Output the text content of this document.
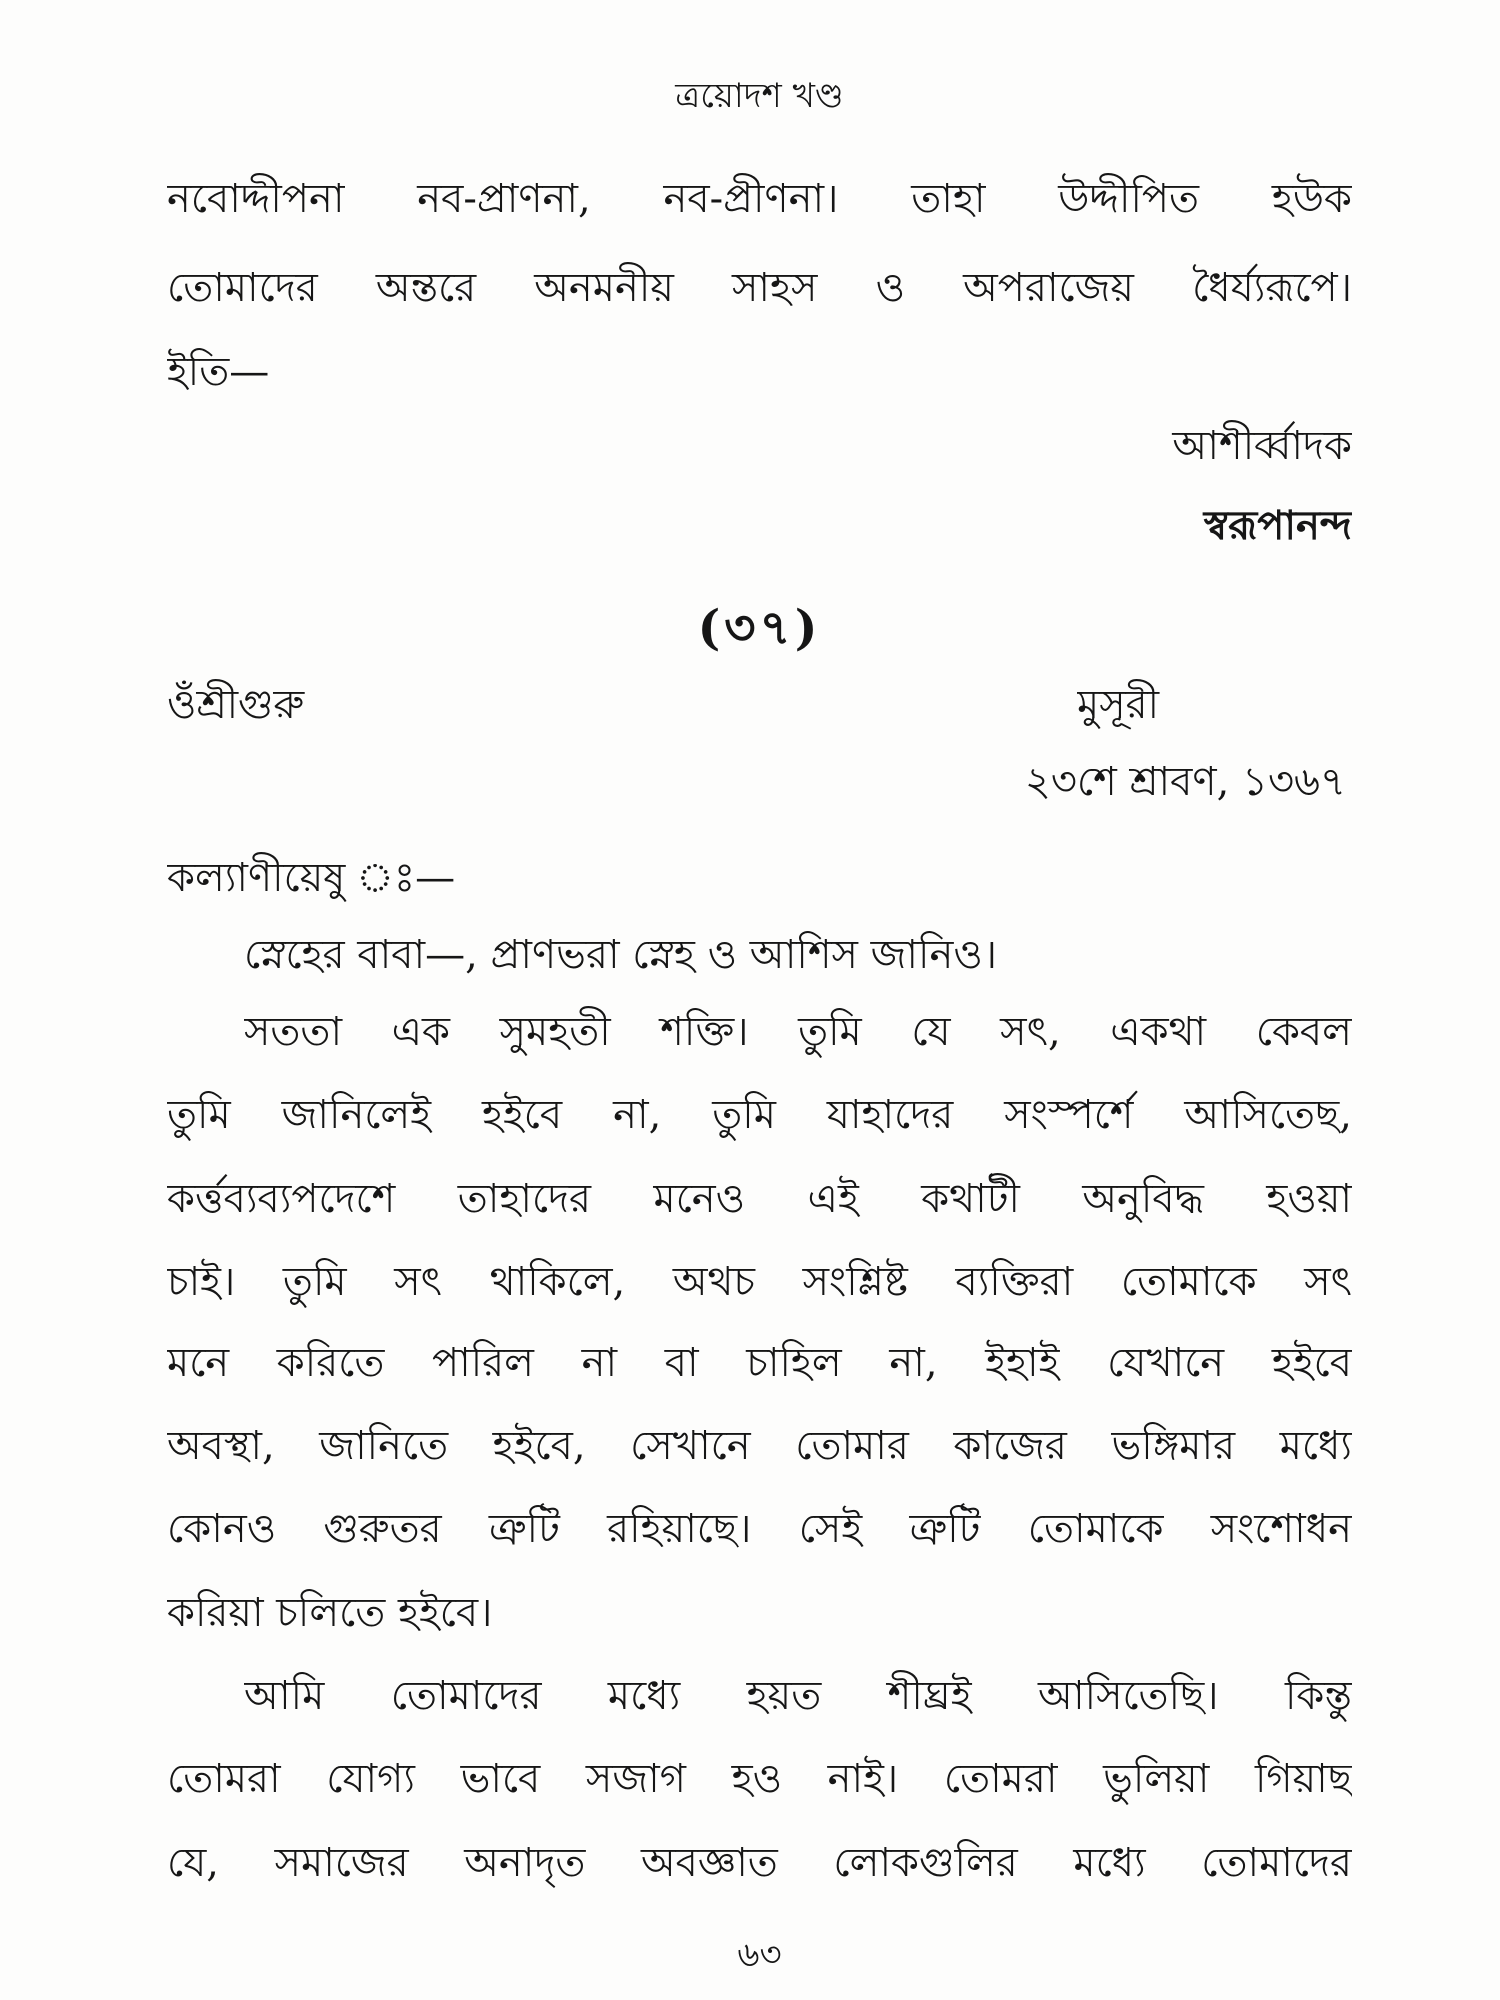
ত্রয়োদশ খণ্ড
নবোদ্দীপনা নব-প্রাণনা, নব-প্রীণনা। তাহা উদ্দীপিত হউক
তোমাদের অন্তরে অনমনীয় সাহস ও অপরাজেয় ধৈর্য্যরূপে।
ইতি—
আশীর্ব্বাদক
স্বরূপানন্দ
(৩৭)
ওঁশ্রীগুরু	মুসূরী
২৩শে শ্রাবণ, ১৩৬৭
কল্যাণীয়েষু ঃ—
স্নেহের বাবা—, প্রাণভরা স্নেহ ও আশিস জানিও।
সততা এক সুমহতী শক্তি। তুমি যে সৎ, একথা কেবল
তুমি জানিলেই হইবে না, তুমি যাহাদের সংস্পর্শে আসিতেছ,
কর্ত্তব্যব্যপদেশে তাহাদের মনেও এই কথাটী অনুবিদ্ধ হওয়া
চাই। তুমি সৎ থাকিলে, অথচ সংশ্লিষ্ট ব্যক্তিরা তোমাকে সৎ
মনে করিতে পারিল না বা চাহিল না, ইহাই যেখানে হইবে
অবস্থা, জানিতে হইবে, সেখানে তোমার কাজের ভঙ্গিমার মধ্যে
কোনও গুরুতর ত্রুটি রহিয়াছে। সেই ত্রুটি তোমাকে সংশোধন
করিয়া চলিতে হইবে।
আমি তোমাদের মধ্যে হয়ত শীঘ্রই আসিতেছি। কিন্তু
তোমরা যোগ্য ভাবে সজাগ হও নাই। তোমরা ভুলিয়া গিয়াছ
যে, সমাজের অনাদৃত অবজ্ঞাত লোকগুলির মধ্যে তোমাদের
৬৩
